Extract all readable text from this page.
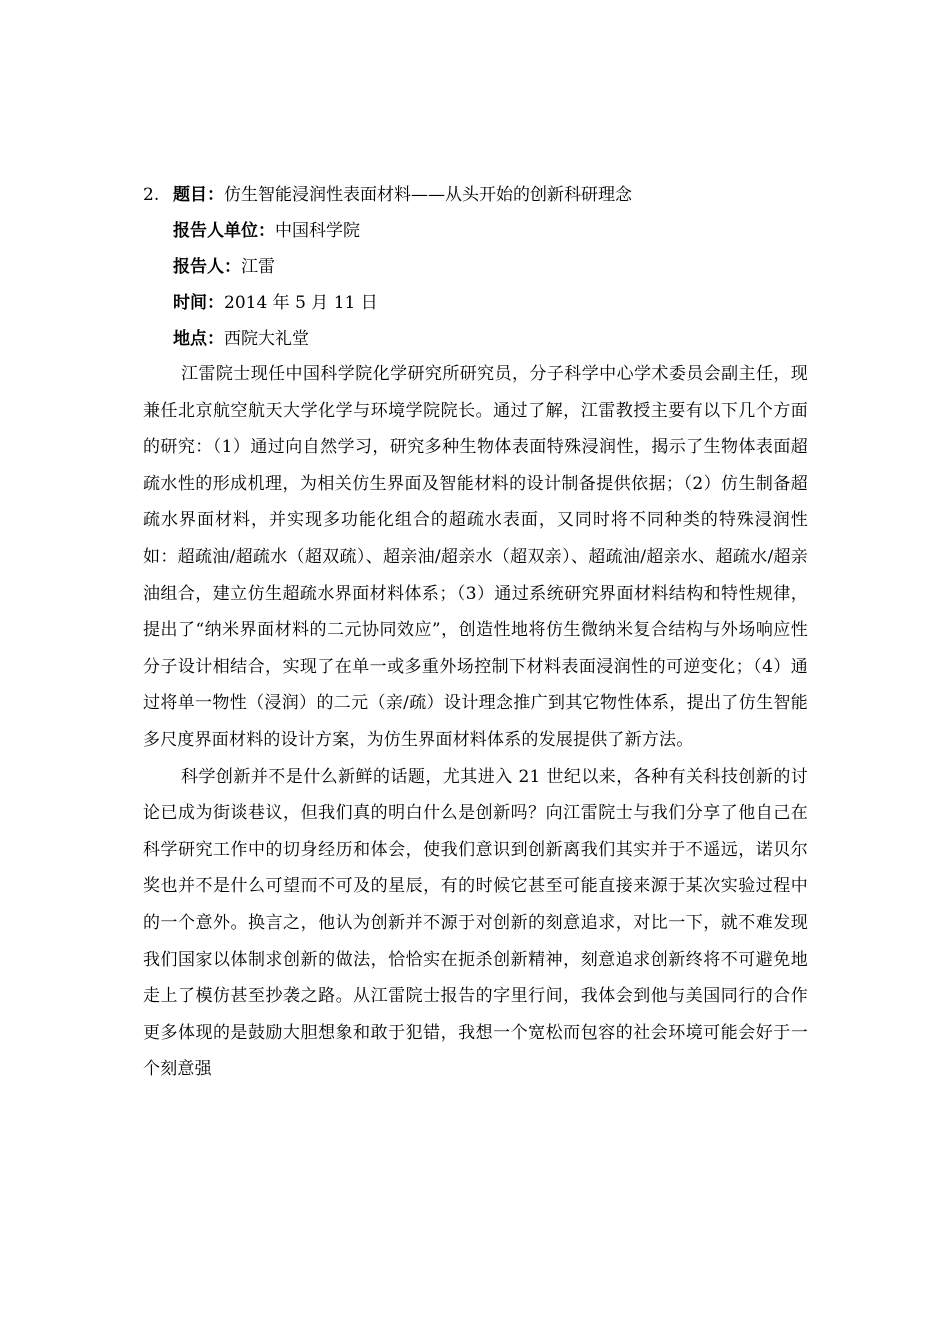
2. 题目：仿生智能浸润性表面材料——从头开始的创新科研理念
报告人单位：中国科学院
报告人：江雷
时间：2014 年 5 月 11 日
地点：西院大礼堂

江雷院士现任中国科学院化学研究所研究员，分子科学中心学术委员会副主任，现兼任北京航空航天大学化学与环境学院院长。通过了解，江雷教授主要有以下几个方面的研究：（1）通过向自然学习，研究多种生物体表面特殊浸润性，揭示了生物体表面超疏水性的形成机理，为相关仿生界面及智能材料的设计制备提供依据；（2）仿生制备超疏水界面材料，并实现多功能化组合的超疏水表面，又同时将不同种类的特殊浸润性如：超疏油/超疏水（超双疏）、超亲油/超亲水（超双亲）、超疏油/超亲水、超疏水/超亲油组合，建立仿生超疏水界面材料体系；（3）通过系统研究界面材料结构和特性规律，提出了“纳米界面材料的二元协同效应”，创造性地将仿生微纳米复合结构与外场响应性分子设计相结合，实现了在单一或多重外场控制下材料表面浸润性的可逆变化；（4）通过将单一物性（浸润）的二元（亲/疏）设计理念推广到其它物性体系，提出了仿生智能多尺度界面材料的设计方案，为仿生界面材料体系的发展提供了新方法。

科学创新并不是什么新鲜的话题，尤其进入 21 世纪以来，各种有关科技创新的讨论已成为街谈巷议，但我们真的明白什么是创新吗？向江雷院士与我们分享了他自己在科学研究工作中的切身经历和体会，使我们意识到创新离我们其实并于不遥远，诺贝尔奖也并不是什么可望而不可及的星辰，有的时候它甚至可能直接来源于某次实验过程中的一个意外。换言之，他认为创新并不源于对创新的刻意追求，对比一下，就不难发现我们国家以体制求创新的做法，恰恰实在扼杀创新精神，刻意追求创新终将不可避免地走上了模仿甚至抄袭之路。从江雷院士报告的字里行间，我体会到他与美国同行的合作更多体现的是鼓励大胆想象和敢于犯错，我想一个宽松而包容的社会环境可能会好于一个刻意强
